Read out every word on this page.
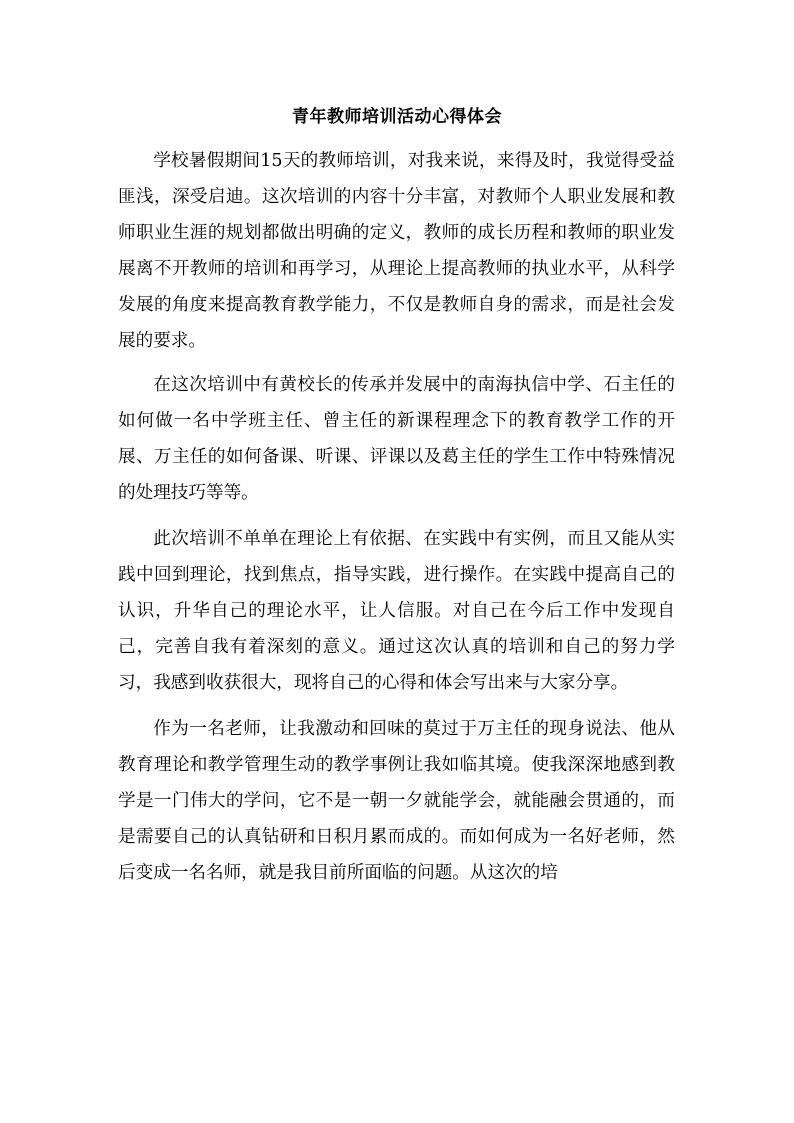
青年教师培训活动心得体会

学校暑假期间15天的教师培训，对我来说，来得及时，我觉得受益匪浅，深受启迪。这次培训的内容十分丰富，对教师个人职业发展和教师职业生涯的规划都做出明确的定义，教师的成长历程和教师的职业发展离不开教师的培训和再学习，从理论上提高教师的执业水平，从科学发展的角度来提高教育教学能力，不仅是教师自身的需求，而是社会发展的要求。

在这次培训中有黄校长的传承并发展中的南海执信中学、石主任的如何做一名中学班主任、曾主任的新课程理念下的教育教学工作的开展、万主任的如何备课、听课、评课以及葛主任的学生工作中特殊情况的处理技巧等等。

此次培训不单单在理论上有依据、在实践中有实例，而且又能从实践中回到理论，找到焦点，指导实践，进行操作。在实践中提高自己的认识，升华自己的理论水平，让人信服。对自己在今后工作中发现自己，完善自我有着深刻的意义。通过这次认真的培训和自己的努力学习，我感到收获很大，现将自己的心得和体会写出来与大家分享。

作为一名老师，让我激动和回味的莫过于万主任的现身说法、他从教育理论和教学管理生动的教学事例让我如临其境。使我深深地感到教学是一门伟大的学问，它不是一朝一夕就能学会，就能融会贯通的，而是需要自己的认真钻研和日积月累而成的。而如何成为一名好老师，然后变成一名名师，就是我目前所面临的问题。从这次的培
